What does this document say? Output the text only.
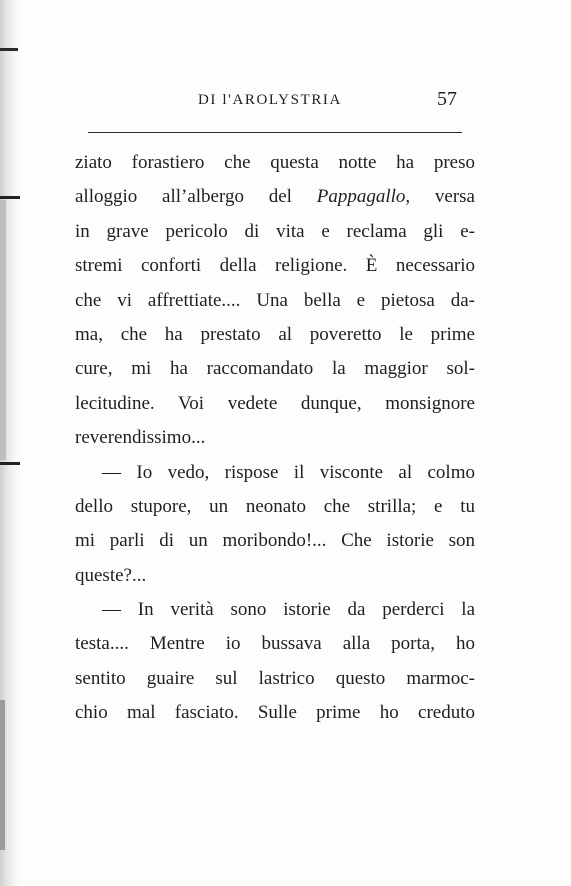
DI l'AROLYSTRIA	57
ziato forastiero che questa notte ha preso
alloggio all’albergo del Pappagallo, versa
in grave pericolo di vita e reclama gli e-
stremi conforti della religione. È necessario
che vi affrettiate.... Una bella e pietosa da-
ma, che ha prestato al poveretto le prime
cure, mi ha raccomandato la maggior sol-
lecitudine. Voi vedete dunque, monsignore
reverendissimo...
— Io vedo, rispose il visconte al colmo
dello stupore, un neonato che strilla; e tu
mi parli di un moribondo!... Che istorie son
queste?...
— In verità sono istorie da perderci la
testa.... Mentre io bussava alla porta, ho
sentito guaire sul lastrico questo marmoc-
chio mal fasciato. Sulle prime ho creduto
